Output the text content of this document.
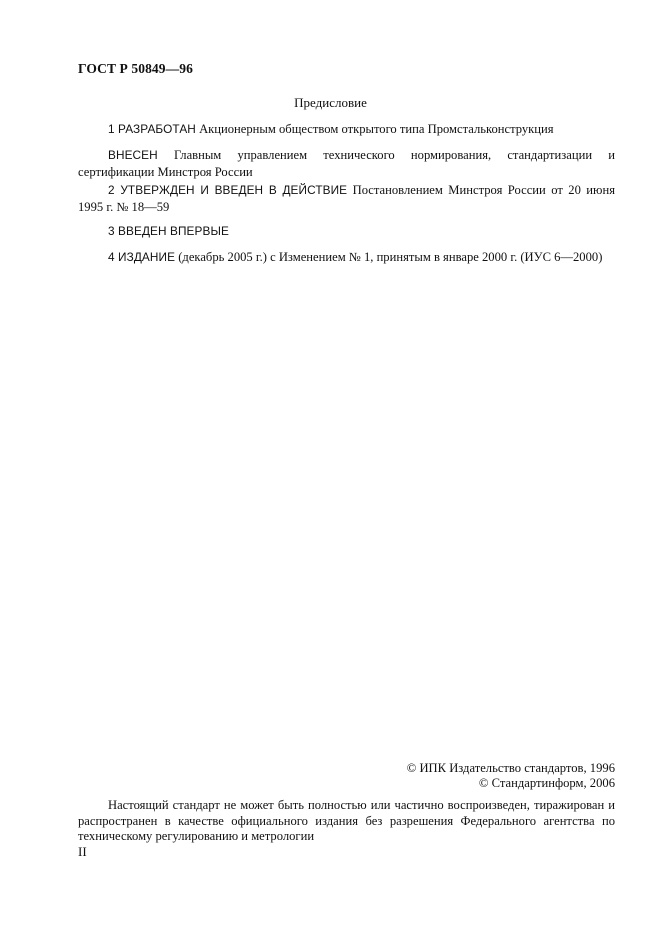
ГОСТ Р 50849—96
Предисловие
1 РАЗРАБОТАН Акционерным обществом открытого типа Промстальконструкция
ВНЕСЕН Главным управлением технического нормирования, стандартизации и сертификации Минстроя России
2 УТВЕРЖДЕН И ВВЕДЕН В ДЕЙСТВИЕ Постановлением Минстроя России от 20 июня 1995 г. № 18—59
3 ВВЕДЕН ВПЕРВЫЕ
4 ИЗДАНИЕ (декабрь 2005 г.) с Изменением № 1, принятым в январе 2000 г. (ИУС 6—2000)
© ИПК Издательство стандартов, 1996
© Стандартинформ, 2006
Настоящий стандарт не может быть полностью или частично воспроизведен, тиражирован и распространен в качестве официального издания без разрешения Федерального агентства по техническому регулированию и метрологии
II
